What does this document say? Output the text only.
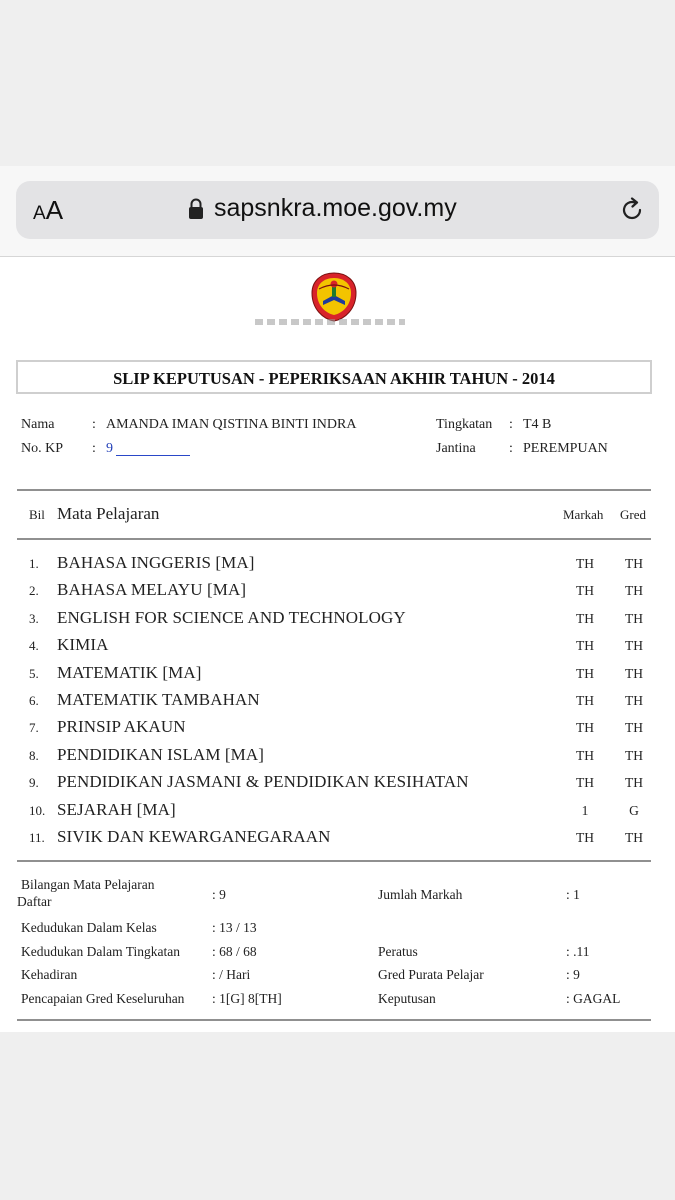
AA	sapsnkra.moe.gov.my
SLIP KEPUTUSAN - PEPERIKSAAN AKHIR TAHUN - 2014
Nama	: AMANDA IMAN QISTINA BINTI INDRA
No. KP : 9
Tingkatan : T4 B
Jantina : PEREMPUAN
Bil Mata Pelajaran	Markah Gred
1. BAHASA INGGERIS [MA]	TH	TH
2. BAHASA MELAYU [MA]	TH	TH
3. ENGLISH FOR SCIENCE AND TECHNOLOGY	TH	TH
4. KIMIA	TH	TH
5. MATEMATIK [MA]	TH	TH
6. MATEMATIK TAMBAHAN	TH	TH
7. PRINSIP AKAUN	TH	TH
8. PENDIDIKAN ISLAM [MA]	TH	TH
9. PENDIDIKAN JASMANI & PENDIDIKAN KESIHATAN	TH	TH
10. SEJARAH [MA]	1	G
11. SIVIK DAN KEWARGANEGARAAN	TH	TH
Bilangan Mata Pelajaran
Daftar	: 9	Jumlah Markah	: 1
Kedudukan Dalam Kelas	: 13 / 13
Kedudukan Dalam Tingkatan : 68 / 68	Peratus	: .11
Kehadiran	: / Hari	Gred Purata Pelajar	: 9
Pencapaian Gred Keseluruhan : 1[G] 8[TH]	Keputusan	: GAGAL
